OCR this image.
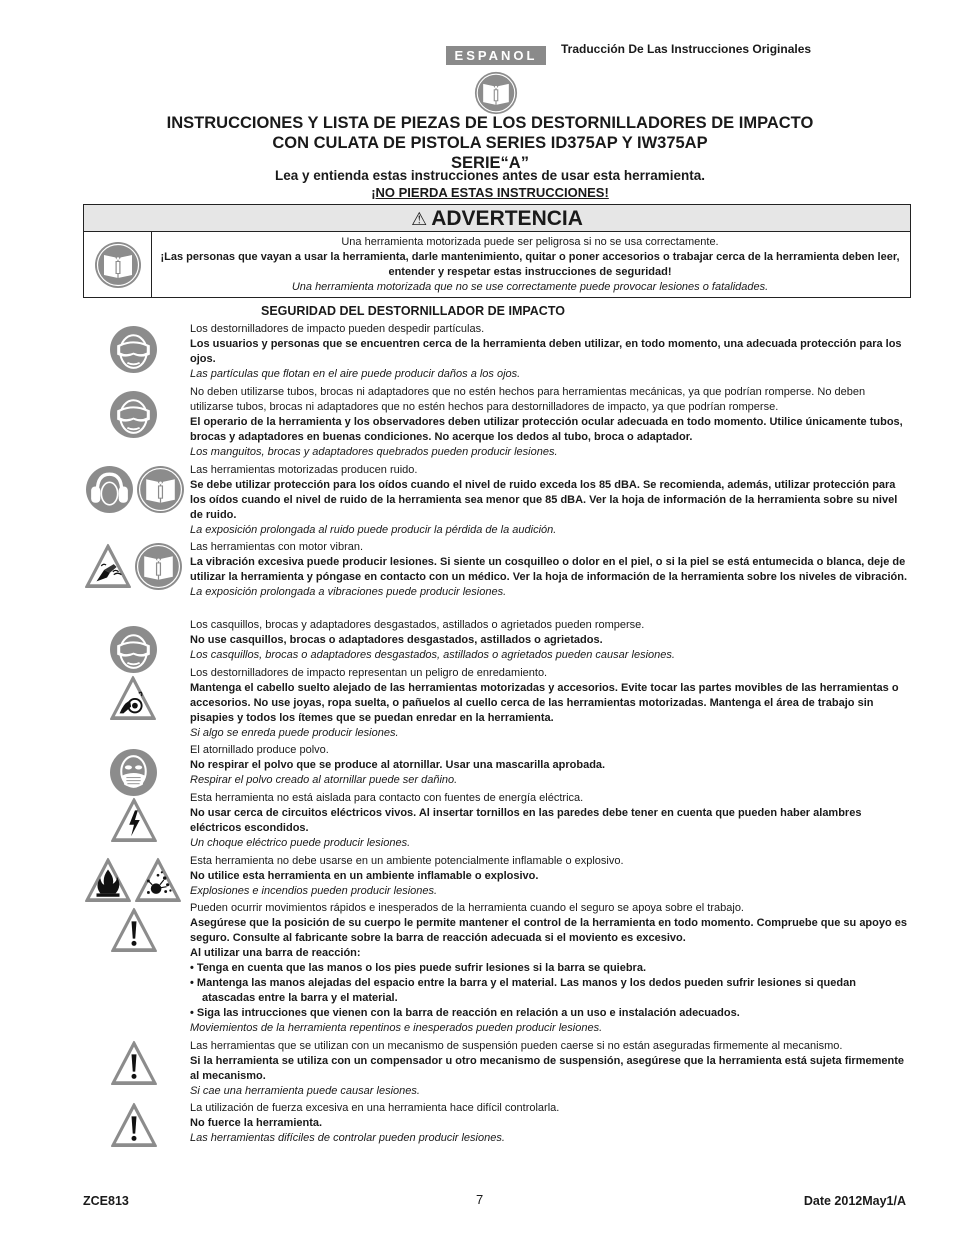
ESPANOL	Traducción De Las Instrucciones Originales
INSTRUCCIONES Y LISTA DE PIEZAS DE LOS DESTORNILLADORES DE IMPACTO
CON CULATA DE PISTOLA SERIES ID375AP Y IW375AP
SERIE“A”
Lea y entienda estas instrucciones antes de usar esta herramienta.
¡NO PIERDA ESTAS INSTRUCCIONES!
⚠ ADVERTENCIA

Una herramienta motorizada puede ser peligrosa si no se usa correctamente.

¡Las personas que vayan a usar la herramienta, darle mantenimiento, quitar o poner accesorios o trabajar cerca de la herramienta deben leer, entender y respetar estas instrucciones de seguridad!

Una herramienta motorizada que no se use correctamente puede provocar lesiones o fatalidades.

SEGURIDAD DEL DESTORNILLADOR DE IMPACTO

Los destornilladores de impacto pueden despedir partículas.

Los usuarios y personas que se encuentren cerca de la herramienta deben utilizar, en todo momento, una adecuada protección para los ojos.

Las partículas que flotan en el aire puede producir daños a los ojos.

No deben utilizarse tubos, brocas ni adaptadores que no estén hechos para herramientas mecánicas, ya que podrían romperse. No deben utilizarse tubos, brocas ni adaptadores que no estén hechos para destornilladores de impacto, ya que podrían romperse.

El operario de la herramienta y los observadores deben utilizar protección ocular adecuada en todo momento. Utilice únicamente tubos, brocas y adaptadores en buenas condiciones. No acerque los dedos al tubo, broca o adaptador.

Los manguitos, brocas y adaptadores quebrados pueden producir lesiones.

Las herramientas motorizadas producen ruido.

Se debe utilizar protección para los oídos cuando el nivel de ruido exceda los 85 dBA. Se recomienda, además, utilizar protección para los oídos cuando el nivel de ruido de la herramienta sea menor que 85 dBA. Ver la hoja de información de la herramienta sobre su nivel de ruido.

La exposición prolongada al ruido puede producir la pérdida de la audición.

Las herramientas con motor vibran.

La vibración excesiva puede producir lesiones. Si siente un cosquilleo o dolor en el piel, o si la piel se está entumecida o blanca, deje de utilizar la herramienta y póngase en contacto con un médico. Ver la hoja de información de la herramienta sobre los niveles de vibración.

La exposición prolongada a vibraciones puede producir lesiones.

Los casquillos, brocas y adaptadores desgastados, astillados o agrietados pueden romperse.

No use casquillos, brocas o adaptadores desgastados, astillados o agrietados.

Los casquillos, brocas o adaptadores desgastados, astillados o agrietados pueden causar lesiones.

Los destornilladores de impacto representan un peligro de enredamiento.

Mantenga el cabello suelto alejado de las herramientas motorizadas y accesorios. Evite tocar las partes movibles de las herramientas o accesorios. No use joyas, ropa suelta, o pañuelos al cuello cerca de las herramientas motorizadas. Mantenga el área de trabajo sin pisapies y todos los ítemes que se puedan enredar en la herramienta.

Si algo se enreda puede producir lesiones.

El atornillado produce polvo.

No respirar el polvo que se produce al atornillar. Usar una mascarilla aprobada.

Respirar el polvo creado al atornillar puede ser dañino.

Esta herramienta no está aislada para contacto con fuentes de energía eléctrica.

No usar cerca de circuitos eléctricos vivos. Al insertar tornillos en las paredes debe tener en cuenta que pueden haber alambres eléctricos escondidos.

Un choque eléctrico puede producir lesiones.

Esta herramienta no debe usarse en un ambiente potencialmente inflamable o explosivo.

No utilice esta herramienta en un ambiente inflamable o explosivo.

Explosiones e incendios pueden producir lesiones.

Pueden ocurrir movimientos rápidos e inesperados de la herramienta cuando el seguro se apoya sobre el trabajo.

Asegúrese que la posición de su cuerpo le permite mantener el control de la herramienta en todo momento. Compruebe que su apoyo es seguro. Consulte al fabricante sobre la barra de reacción adecuada si el moviento es excesivo.

Al utilizar una barra de reacción:

• Tenga en cuenta que las manos o los pies puede sufrir lesiones si la barra se quiebra.

• Mantenga las manos alejadas del espacio entre la barra y el material. Las manos y los dedos pueden sufrir lesiones si quedan atascadas entre la barra y el material.

• Siga las intrucciones que vienen con la barra de reacción en relación a un uso e instalación adecuados.

Moviemientos de la herramienta repentinos e inesperados pueden producir lesiones.

Las herramientas que se utilizan con un mecanismo de suspensión pueden caerse si no están aseguradas firmemente al mecanismo.

Si la herramienta se utiliza con un compensador u otro mecanismo de suspensión, asegúrese que la herramienta está sujeta firmemente al mecanismo.

Si cae una herramienta puede causar lesiones.

La utilización de fuerza excesiva en una herramienta hace difícil controlarla.

No fuerce la herramienta.

Las herramientas difíciles de controlar pueden producir lesiones.

ZCE813	7	Date 2012May1/A
